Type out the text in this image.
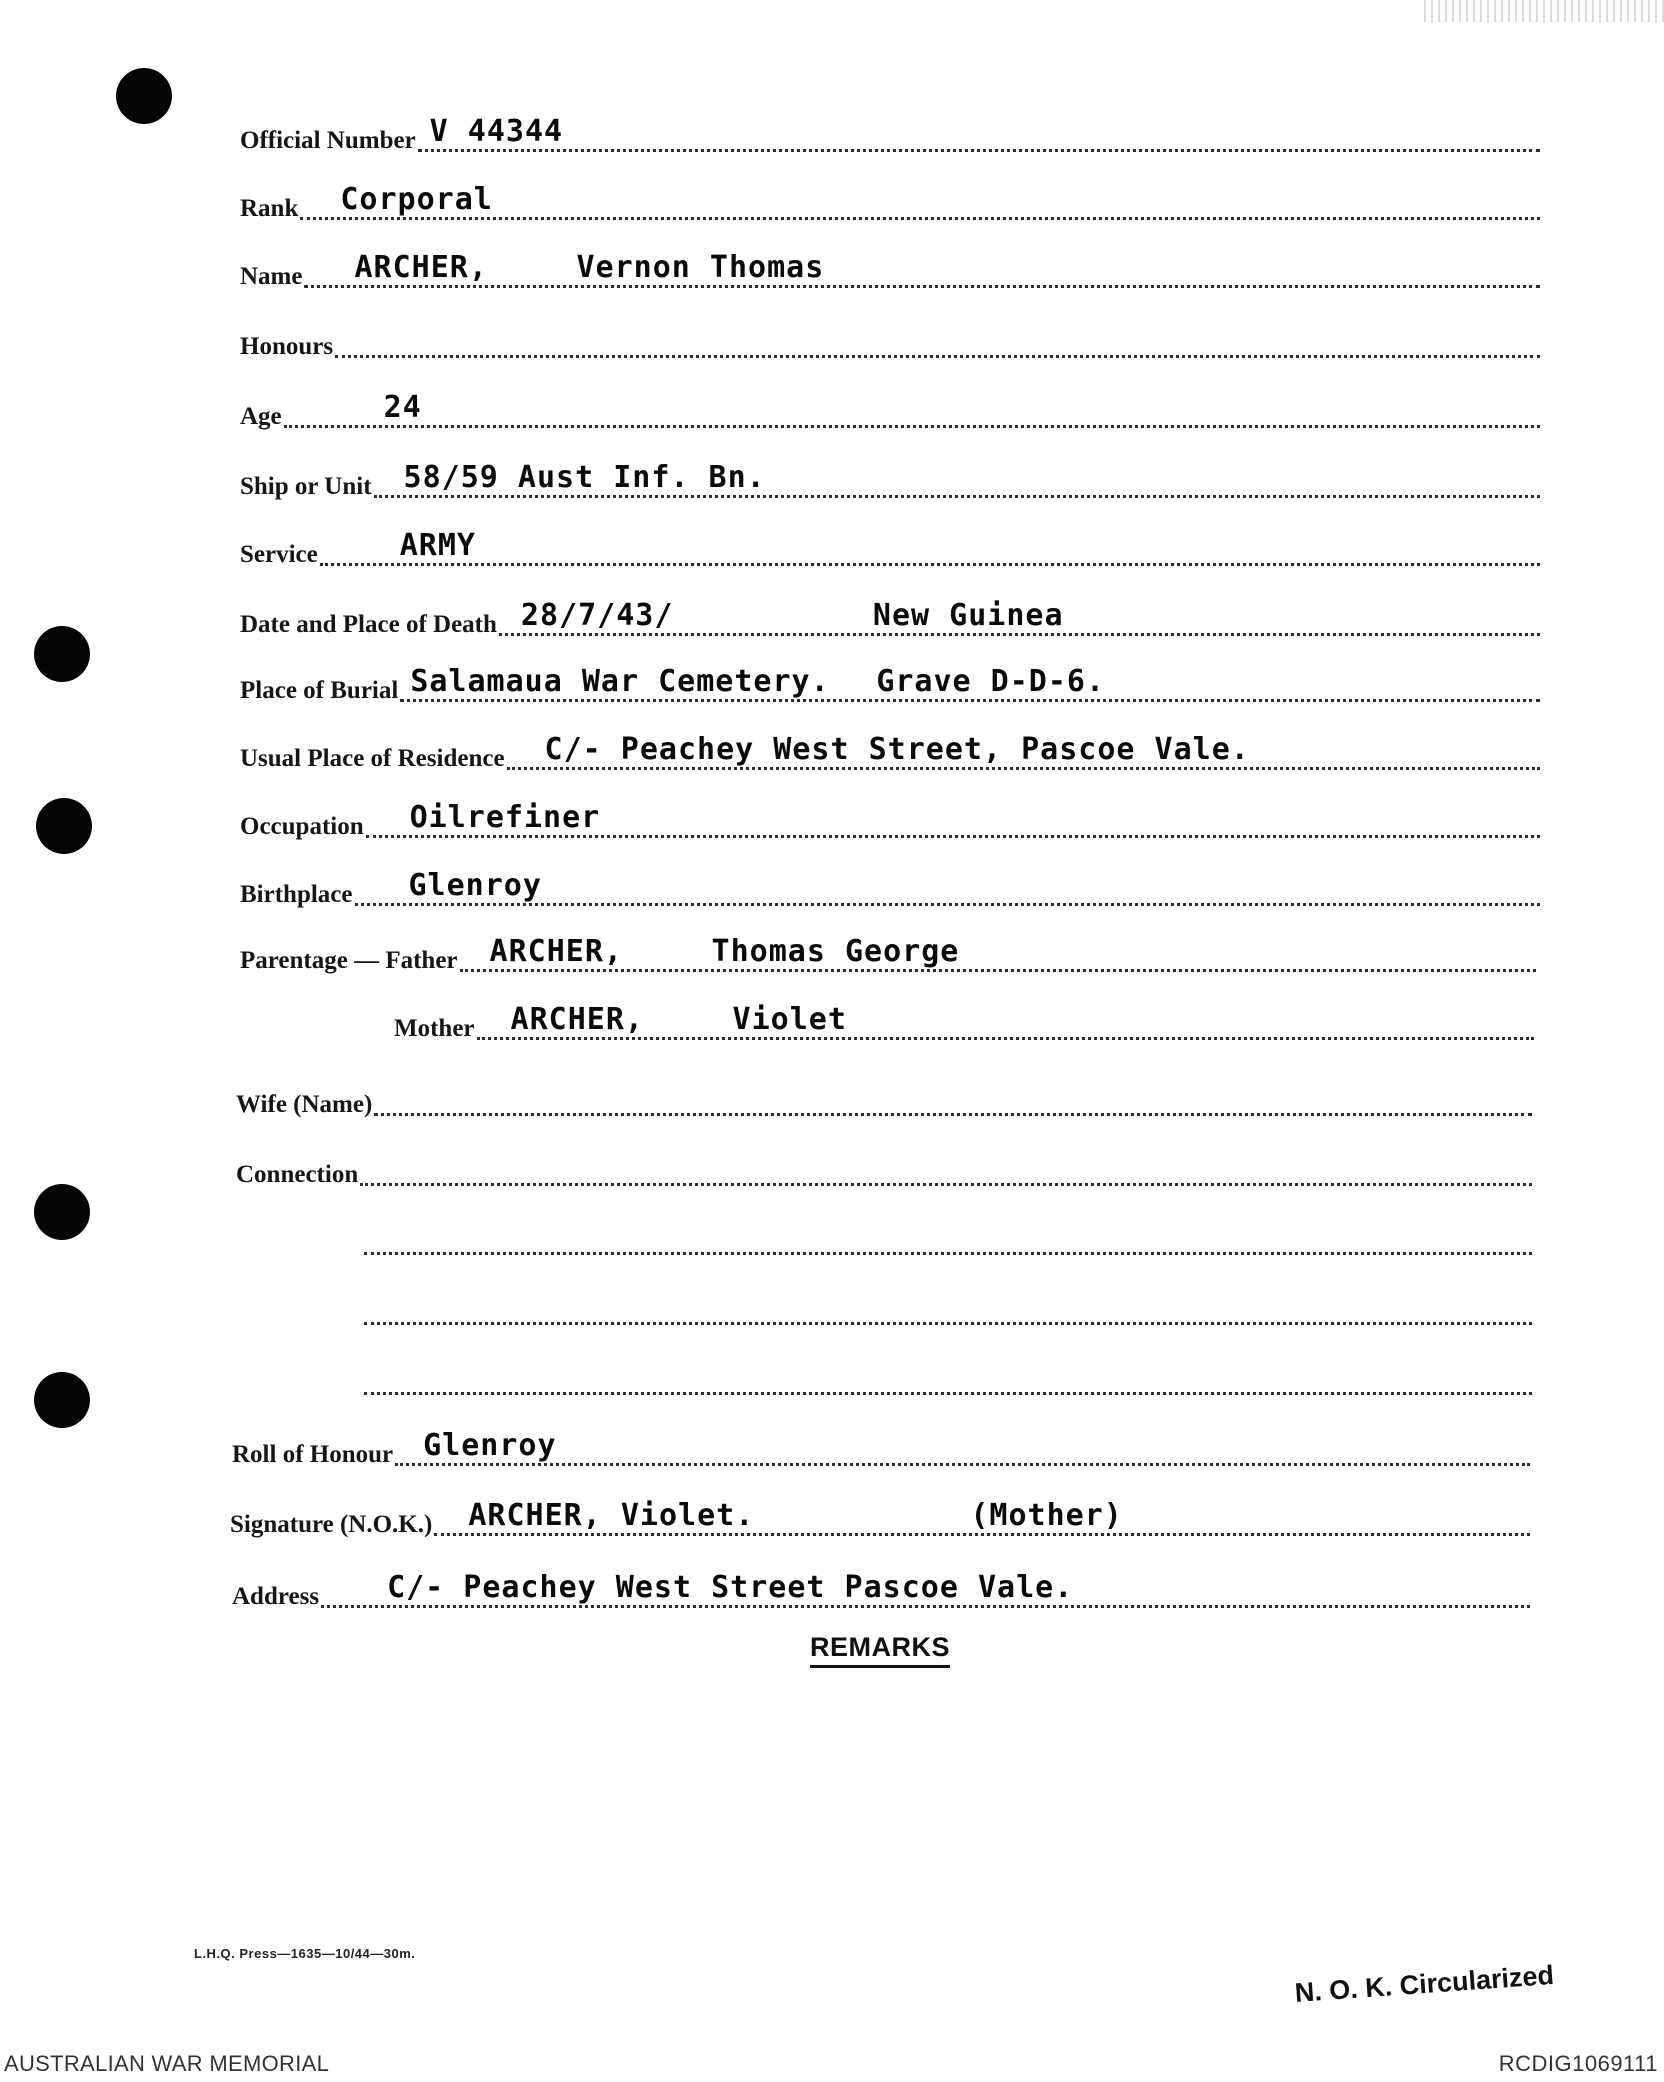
Official Number V 44344
Rank Corporal
Name ARCHER,	Vernon Thomas
Honours
Age	24
Ship or Unit 58/59 Aust Inf. Bn.
Service	ARMY
Date and Place of Death 28/7/43/	New Guinea
Place of Burial Salamaua War Cemetery. Grave D-D-6.
Usual Place of Residence C/- Peachey West Street, Pascoe Vale.
Occupation Oilrefiner
Birthplace Glenroy
Parentage — Father ARCHER,	Thomas George
Mother ARCHER,	Violet
Wife (Name)
Connection
Roll of Honour Glenroy
Signature (N.O.K.) ARCHER, Violet.	(Mother)
Address C/- Peachey West Street Pascoe Vale.
REMARKS
L.H.Q. Press—1635—10/44—30m.
N. O. K. Circularized
AUSTRALIAN WAR MEMORIAL	RCDIG1069111
